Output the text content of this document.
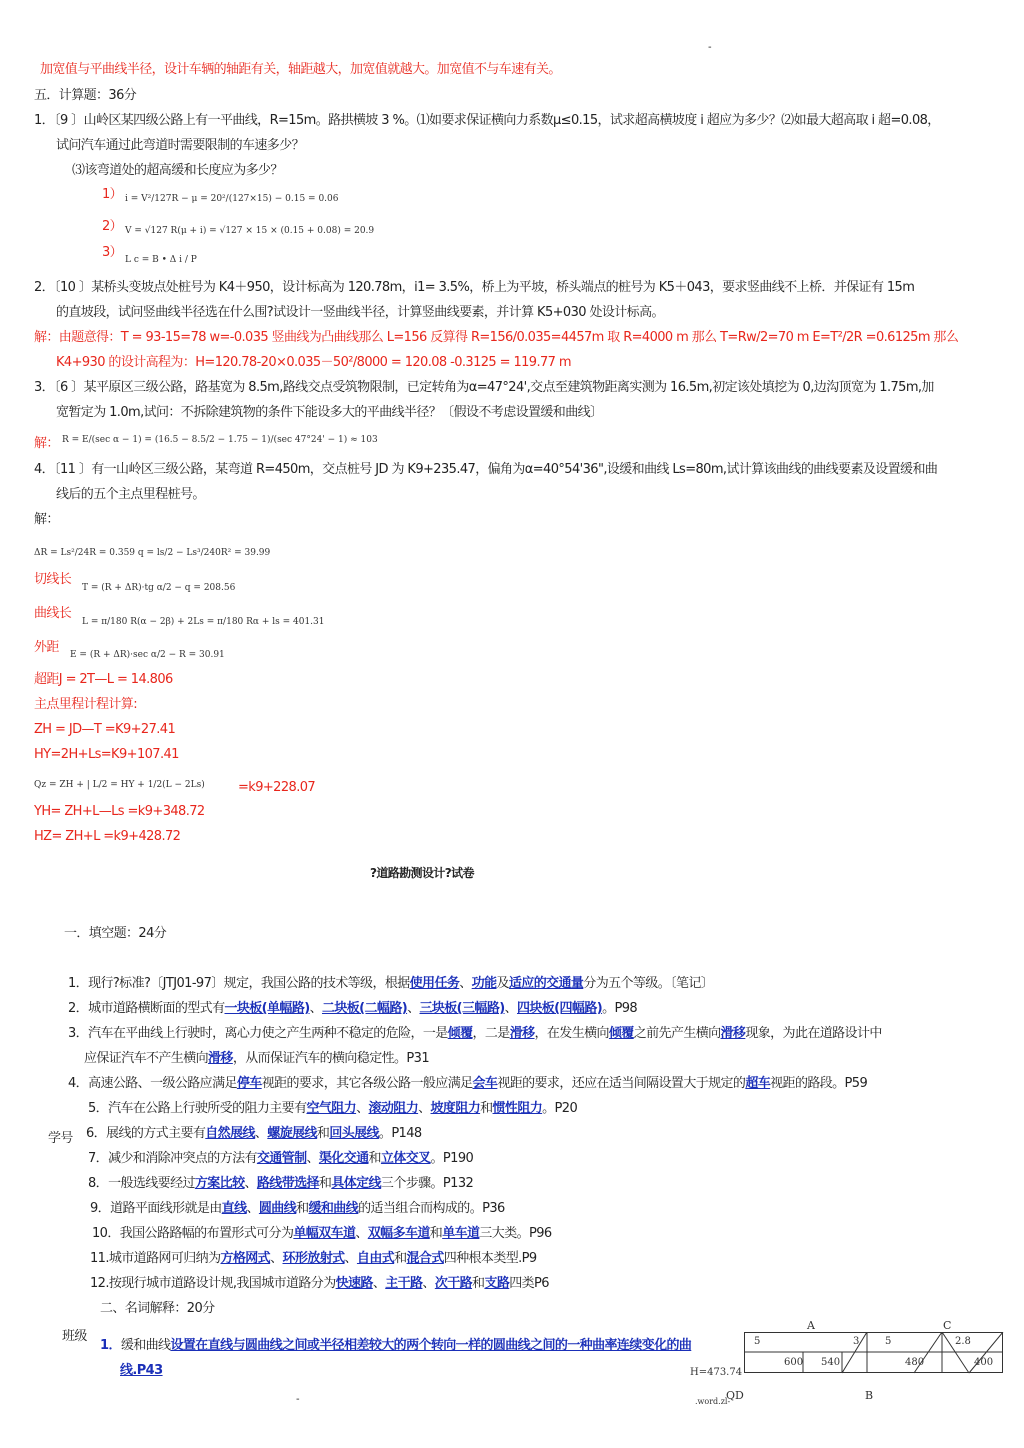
-
加宽值与平曲线半径，设计车辆的轴距有关，轴距越大，加宽值就越大。加宽值不与车速有关。
五．计算题：36分
1．〔9 〕山岭区某四级公路上有一平曲线，R=15m。路拱横坡 3 %。⑴如要求保证横向力系数μ≤0.15，试求超高横坡度 i 超应为多少？⑵如最大超高取 i 超=0.08，
试问汽车通过此弯道时需要限制的车速多少？
⑶该弯道处的超高缓和长度应为多少？
1） i = V²/127R − μ = 20²/(127×15) − 0.15 = 0.06
2） V = √127 R(μ + i) = √127 × 15 × (0.15 + 0.08) = 20.9
3） L c = B • Δ i / P
2．〔10 〕某桥头变坡点处桩号为 K4＋950，设计标高为 120.78m，i1= 3.5%，桥上为平坡，桥头端点的桩号为 K5＋043，要求竖曲线不上桥．并保证有 15m
的直坡段，试问竖曲线半径选在什么围?试设计一竖曲线半径，计算竖曲线要素，并计算 K5+030 处设计标高。
解：由题意得：T = 93-15=78 w=-0.035 竖曲线为凸曲线那么 L=156 反算得 R=156/0.035=4457m 取 R=4000 m 那么 T=Rw/2=70 m E=T²/2R =0.6125m 那么
K4+930 的设计高程为：H=120.78-20×0.035－50²/8000 = 120.08 -0.3125 = 119.77 m
3．〔6 〕某平原区三级公路，路基宽为 8.5m,路线交点受筑物限制，已定转角为α=47°24',交点至建筑物距离实测为 16.5m,初定该处填挖为 0,边沟顶宽为 1.75m,加
宽暂定为 1.0m,试问：不拆除建筑物的条件下能设多大的平曲线半径？〔假设不考虑设置缓和曲线〕
解： R = E/(sec α − 1) = (16.5 − 8.5/2 − 1.75 − 1)/(sec 47°24' − 1) ≈ 103
4．〔11 〕有一山岭区三级公路，某弯道 R=450m，交点桩号 JD 为 K9+235.47，偏角为α=40°54'36",设缓和曲线 Ls=80m,试计算该曲线的曲线要素及设置缓和曲
线后的五个主点里程桩号。
解：
ΔR = Ls²/24R = 0.359 q = ls/2 − Ls³/240R² = 39.99
切线长
T = (R + ΔR)·tg α/2 − q = 208.56
曲线长
L = π/180 R(α − 2β) + 2Ls = π/180 Rα + ls = 401.31
外距 E = (R + ΔR)·sec α/2 − R = 30.91
超距J = 2T—L = 14.806
主点里程计程计算:
ZH = JD—T =K9+27.41
HY=2H+Ls=K9+107.41
Qz = ZH + | L/2 = HY + 1/2(L − 2Ls)	=k9+228.07
YH= ZH+L—Ls =k9+348.72
HZ= ZH+L =k9+428.72
?道路勘测设计?试卷
一．填空题：24分
1．现行?标准?〔JTJ01-97〕规定，我国公路的技术等级，根据使用任务、功能及适应的交通量分为五个等级。〔笔记〕
2．城市道路横断面的型式有一块板(单幅路)、二块板(二幅路)、三块板(三幅路)、四块板(四幅路)。P98
3．汽车在平曲线上行驶时，离心力使之产生两种不稳定的危险，一是倾覆，二是滑移，在发生横向倾覆之前先产生横向滑移现象，为此在道路设计中
应保证汽车不产生横向滑移，从而保证汽车的横向稳定性。P31
4．高速公路、一级公路应满足停车视距的要求，其它各级公路一般应满足会车视距的要求，还应在适当间隔设置大于规定的超车视距的路段。P59
5．汽车在公路上行驶所受的阻力主要有空气阻力、滚动阻力、坡度阻力和惯性阻力。P20
6．展线的方式主要有自然展线、螺旋展线和回头展线。P148
7．减少和消除冲突点的方法有交通管制、渠化交通和立体交叉。P190
8．一般选线要经过方案比较、路线带选择和具体定线三个步骤。P132
9．道路平面线形就是由直线、圆曲线和缓和曲线的适当组合而构成的。P36
10．我国公路路幅的布置形式可分为单幅双车道、双幅多车道和单车道三大类。P96
11.城市道路网可归纳为方格网式、环形放射式、自由式和混合式四种根本类型.P9
12.按现行城市道路设计规,我国城市道路分为快速路、主干路、次干路和支路四类P6
学号
班级
二、名词解释：20分
1．缓和曲线设置在直线与圆曲线之间或半径相差较大的两个转向一样的圆曲线之间的一种曲率连续变化的曲
线.P43
A	C
5	3	5	2.8
600 540	480	400
H=473.74
QD	B
-	.word.zl-
